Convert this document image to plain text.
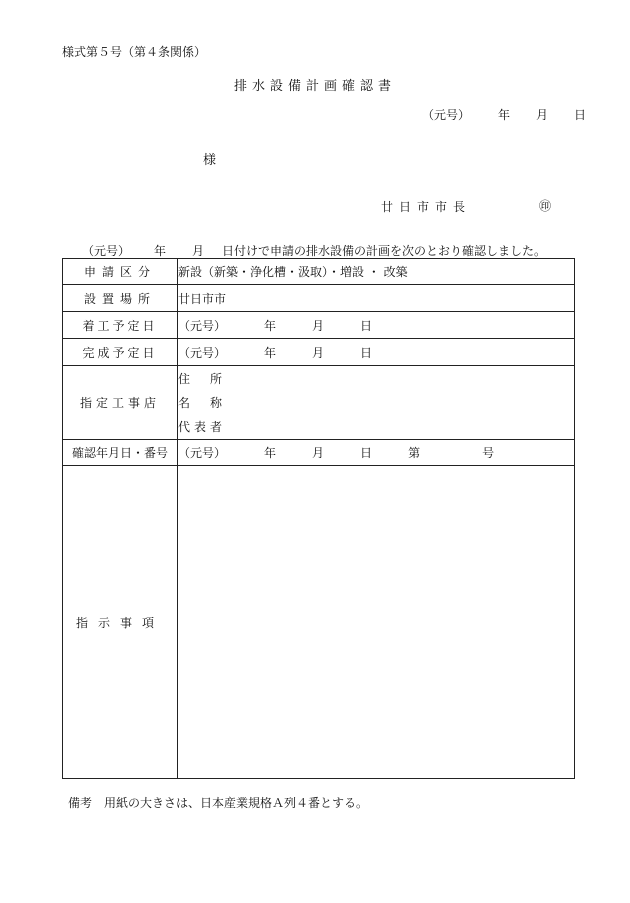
様式第５号（第４条関係）
排水設備計画確認書
（元号） 年 月 日
様
廿日市市長	㊞
（元号） 年 月 日付けで申請の排水設備の計画を次のとおり確認しました。
申請区分	新設（新築・浄化槽・汲取）・増設 ・ 改築
設置場所	廿日市市
着工予定日	（元号） 年 月 日
完成予定日	（元号） 年 月 日
指定工事店	住所
名称
代表者

確認年月日・番号	（元号） 年 月 日 第 号
指示事項	
備考　用紙の大きさは、日本産業規格Ａ列４番とする。
